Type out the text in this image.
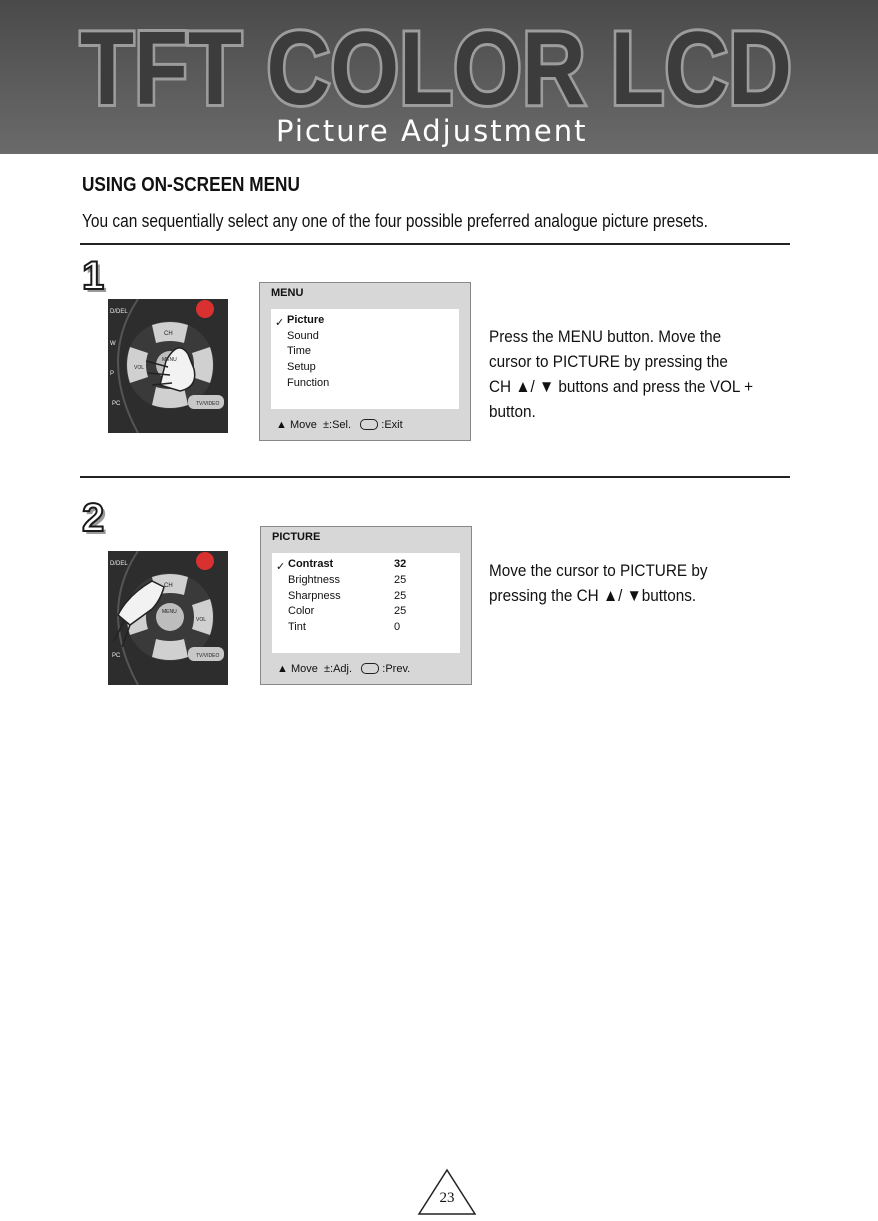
TFT COLOR LCD
Picture Adjustment
USING ON-SCREEN MENU
You can sequentially select any one of the four possible preferred analogue picture presets.
1
D/DEL
W
P
PC
CH
VOL
MENU
TV/VIDEO
MENU
✓ Picture
Sound
Time
Setup
Function
▲︎ Move ±:Sel.	:Exit
Press the MENU button. Move the
cursor to PICTURE by pressing the
CH ▲/ ▼ buttons and press the VOL +
button.
2
D/DEL
PC
CH
VOL
MENU
TV/VIDEO
PICTURE
✓ Contrast	32
Brightness	25
Sharpness	25
Color	25
Tint	0
▲︎ Move ±:Adj.	:Prev.
Move the cursor to PICTURE by
pressing the CH ▲/ ▼buttons.
23
